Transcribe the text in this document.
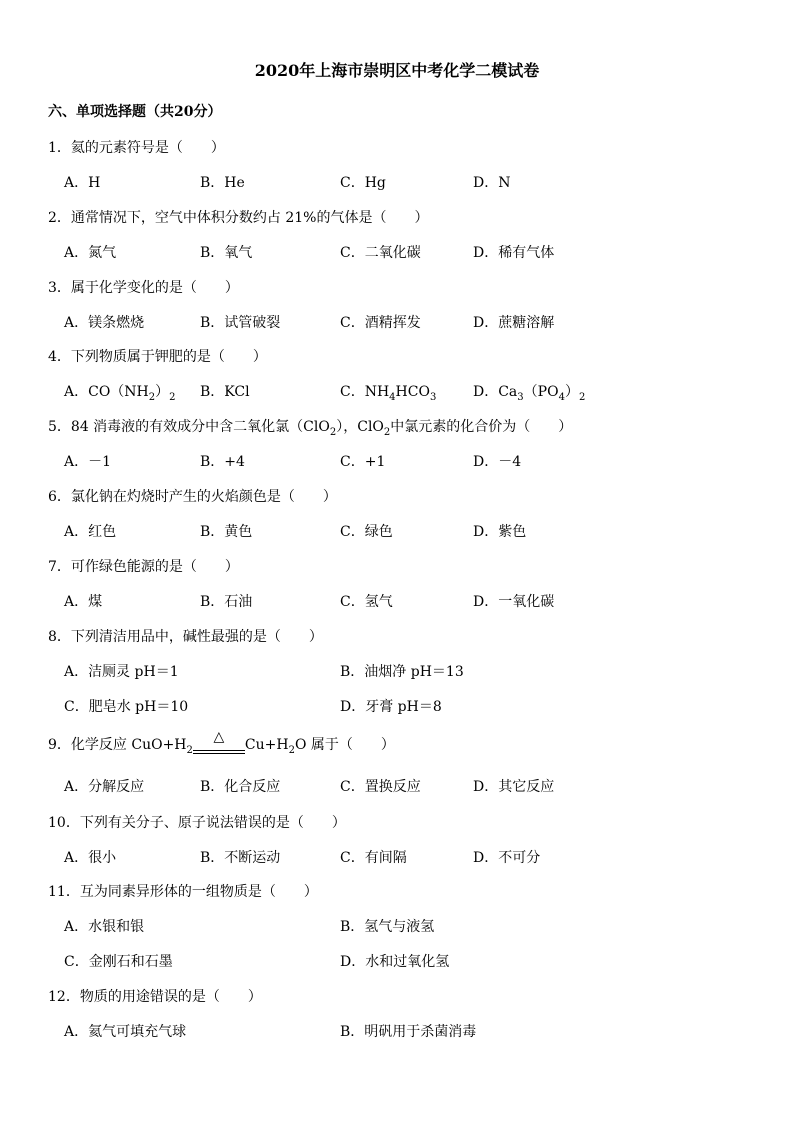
2020年上海市崇明区中考化学二模试卷
六、单项选择题（共20分）
1．氦的元素符号是（　　）
A．H	B．He	C．Hg	D．N
2．通常情况下，空气中体积分数约占 21%的气体是（　　）
A．氮气	B．氧气	C．二氧化碳	D．稀有气体
3．属于化学变化的是（　　）
A．镁条燃烧	B．试管破裂	C．酒精挥发	D．蔗糖溶解
4．下列物质属于钾肥的是（　　）
A．$CO(NH_2)_2$ B．KCl	C．$NH_4HCO_3$	D．$Ca_3(PO_4)_2$
5．84 消毒液的有效成分中含二氧化氯（ClO$_2$），ClO$_2$中氯元素的化合价为（　　）
A．－1	B．+4	C．+1	D．－4
6．氯化钠在灼烧时产生的火焰颜色是（　　）
A．红色	B．黄色	C．绿色	D．紫色
7．可作绿色能源的是（　　）
A．煤	B．石油	C．氢气	D．一氧化碳
8．下列清洁用品中，碱性最强的是（　　）
A．洁厕灵 pH＝1	B．油烟净 pH＝13
C．肥皂水 pH＝10	D．牙膏 pH＝8
9．化学反应 $CuO+H_2$
△
$Cu+H_2O$ 属于（　　）
A．分解反应	B．化合反应	C．置换反应	D．其它反应
10．下列有关分子、原子说法错误的是（　　）
A．很小	B．不断运动	C．有间隔	D．不可分
11．互为同素异形体的一组物质是（　　）
A．水银和银	B．氢气与液氢
C．金刚石和石墨	D．水和过氧化氢
12．物质的用途错误的是（　　）
A．氦气可填充气球	B．明矾用于杀菌消毒
